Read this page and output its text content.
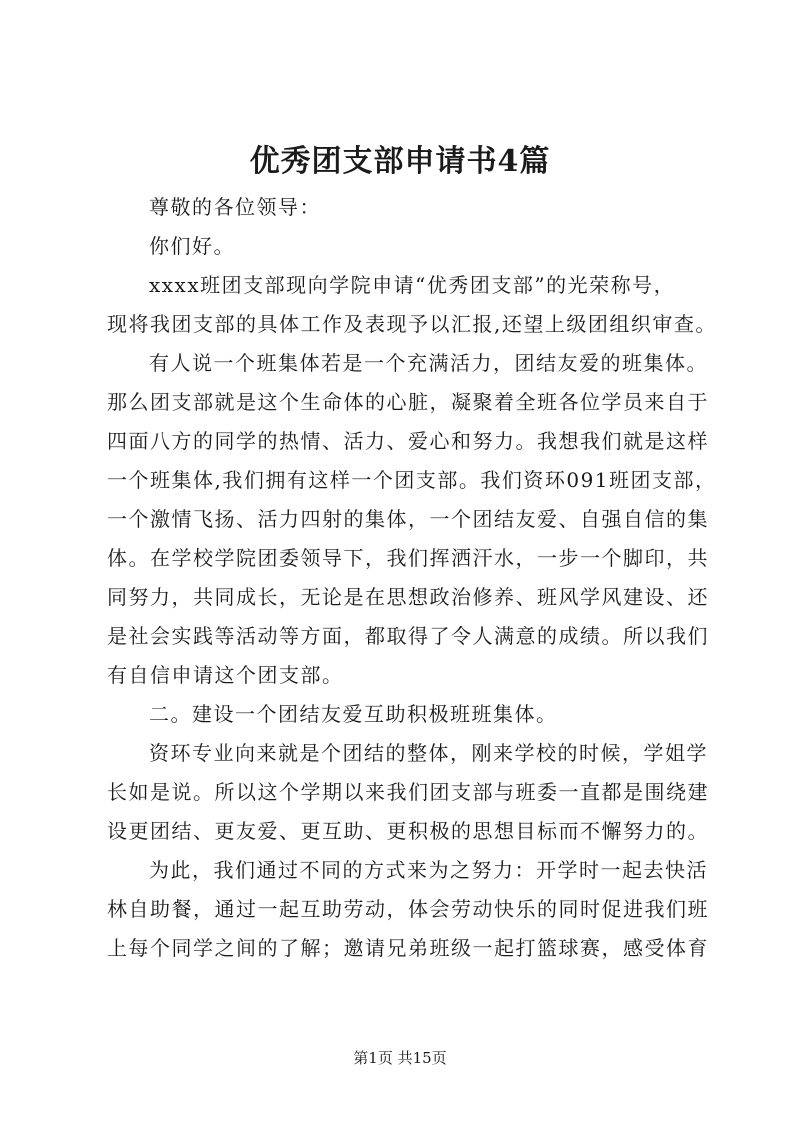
优秀团支部申请书4篇
尊敬的各位领导：
你们好。
xxxx班团支部现向学院申请“优秀团支部”的光荣称号，
现将我团支部的具体工作及表现予以汇报,还望上级团组织审查。
有人说一个班集体若是一个充满活力，团结友爱的班集体。
那么团支部就是这个生命体的心脏，凝聚着全班各位学员来自于
四面八方的同学的热情、活力、爱心和努力。我想我们就是这样
一个班集体,我们拥有这样一个团支部。我们资环091班团支部，
一个激情飞扬、活力四射的集体，一个团结友爱、自强自信的集
体。在学校学院团委领导下，我们挥洒汗水，一步一个脚印，共
同努力，共同成长，无论是在思想政治修养、班风学风建设、还
是社会实践等活动等方面，都取得了令人满意的成绩。所以我们
有自信申请这个团支部。
二。建设一个团结友爱互助积极班班集体。
资环专业向来就是个团结的整体，刚来学校的时候，学姐学
长如是说。所以这个学期以来我们团支部与班委一直都是围绕建
设更团结、更友爱、更互助、更积极的思想目标而不懈努力的。
为此，我们通过不同的方式来为之努力：开学时一起去快活
林自助餐，通过一起互助劳动，体会劳动快乐的同时促进我们班
上每个同学之间的了解；邀请兄弟班级一起打篮球赛，感受体育
第1页 共15页
